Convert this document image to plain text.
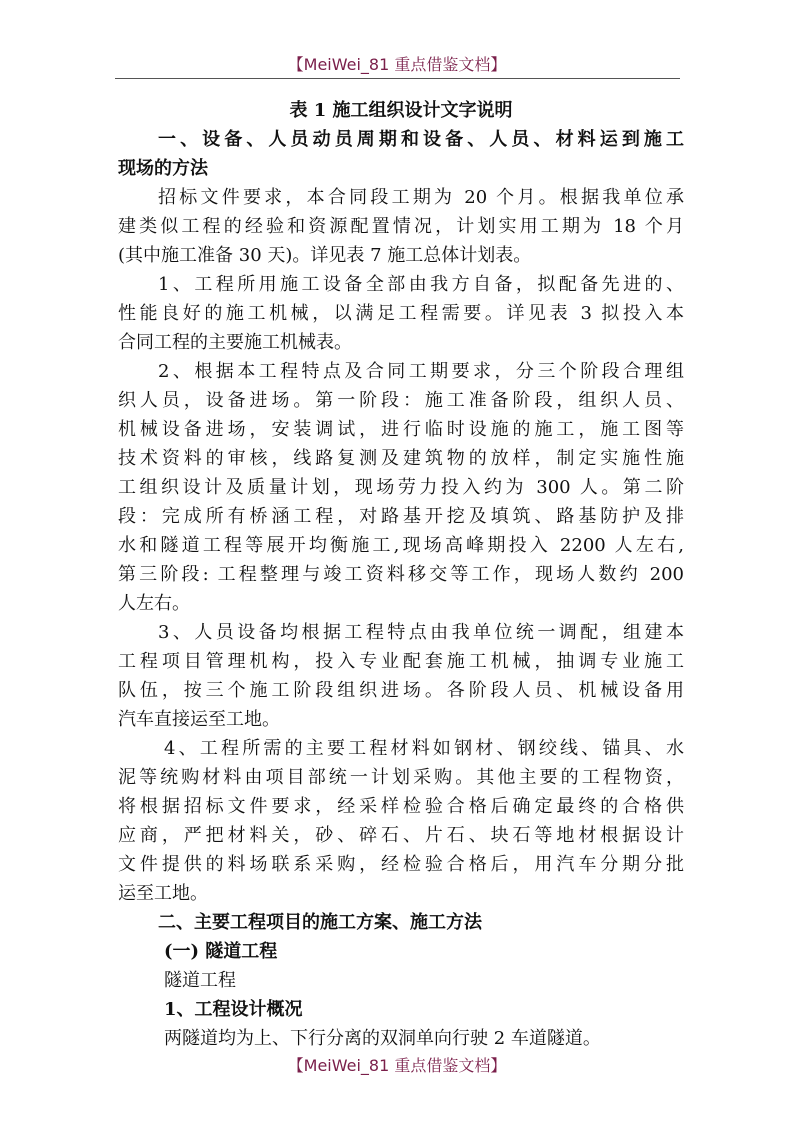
【MeiWei_81 重点借鉴文档】
表 1 施工组织设计文字说明
一、设备、人员动员周期和设备、人员、材料运到施工
现场的方法
招标文件要求，本合同段工期为 20 个月。根据我单位承
建类似工程的经验和资源配置情况，计划实用工期为 18 个月
(其中施工准备 30 天)。详见表 7 施工总体计划表。
1、工程所用施工设备全部由我方自备，拟配备先进的、
性能良好的施工机械，以满足工程需要。详见表 3 拟投入本
合同工程的主要施工机械表。
2、根据本工程特点及合同工期要求，分三个阶段合理组
织人员，设备进场。第一阶段：施工准备阶段，组织人员、
机械设备进场，安装调试，进行临时设施的施工，施工图等
技术资料的审核，线路复测及建筑物的放样，制定实施性施
工组织设计及质量计划，现场劳力投入约为 300 人。第二阶
段：完成所有桥涵工程，对路基开挖及填筑、路基防护及排
水和隧道工程等展开均衡施工,现场高峰期投入 2200 人左右,
第三阶段: 工程整理与竣工资料移交等工作，现场人数约 200
人左右。
3、人员设备均根据工程特点由我单位统一调配，组建本
工程项目管理机构，投入专业配套施工机械，抽调专业施工
队伍，按三个施工阶段组织进场。各阶段人员、机械设备用
汽车直接运至工地。
4、工程所需的主要工程材料如钢材、钢绞线、锚具、水
泥等统购材料由项目部统一计划采购。其他主要的工程物资，
将根据招标文件要求，经采样检验合格后确定最终的合格供
应商，严把材料关，砂、碎石、片石、块石等地材根据设计
文件提供的料场联系采购，经检验合格后，用汽车分期分批
运至工地。
二、主要工程项目的施工方案、施工方法
(一) 隧道工程
隧道工程
1、工程设计概况
两隧道均为上、下行分离的双洞单向行驶 2 车道隧道。
【MeiWei_81 重点借鉴文档】
